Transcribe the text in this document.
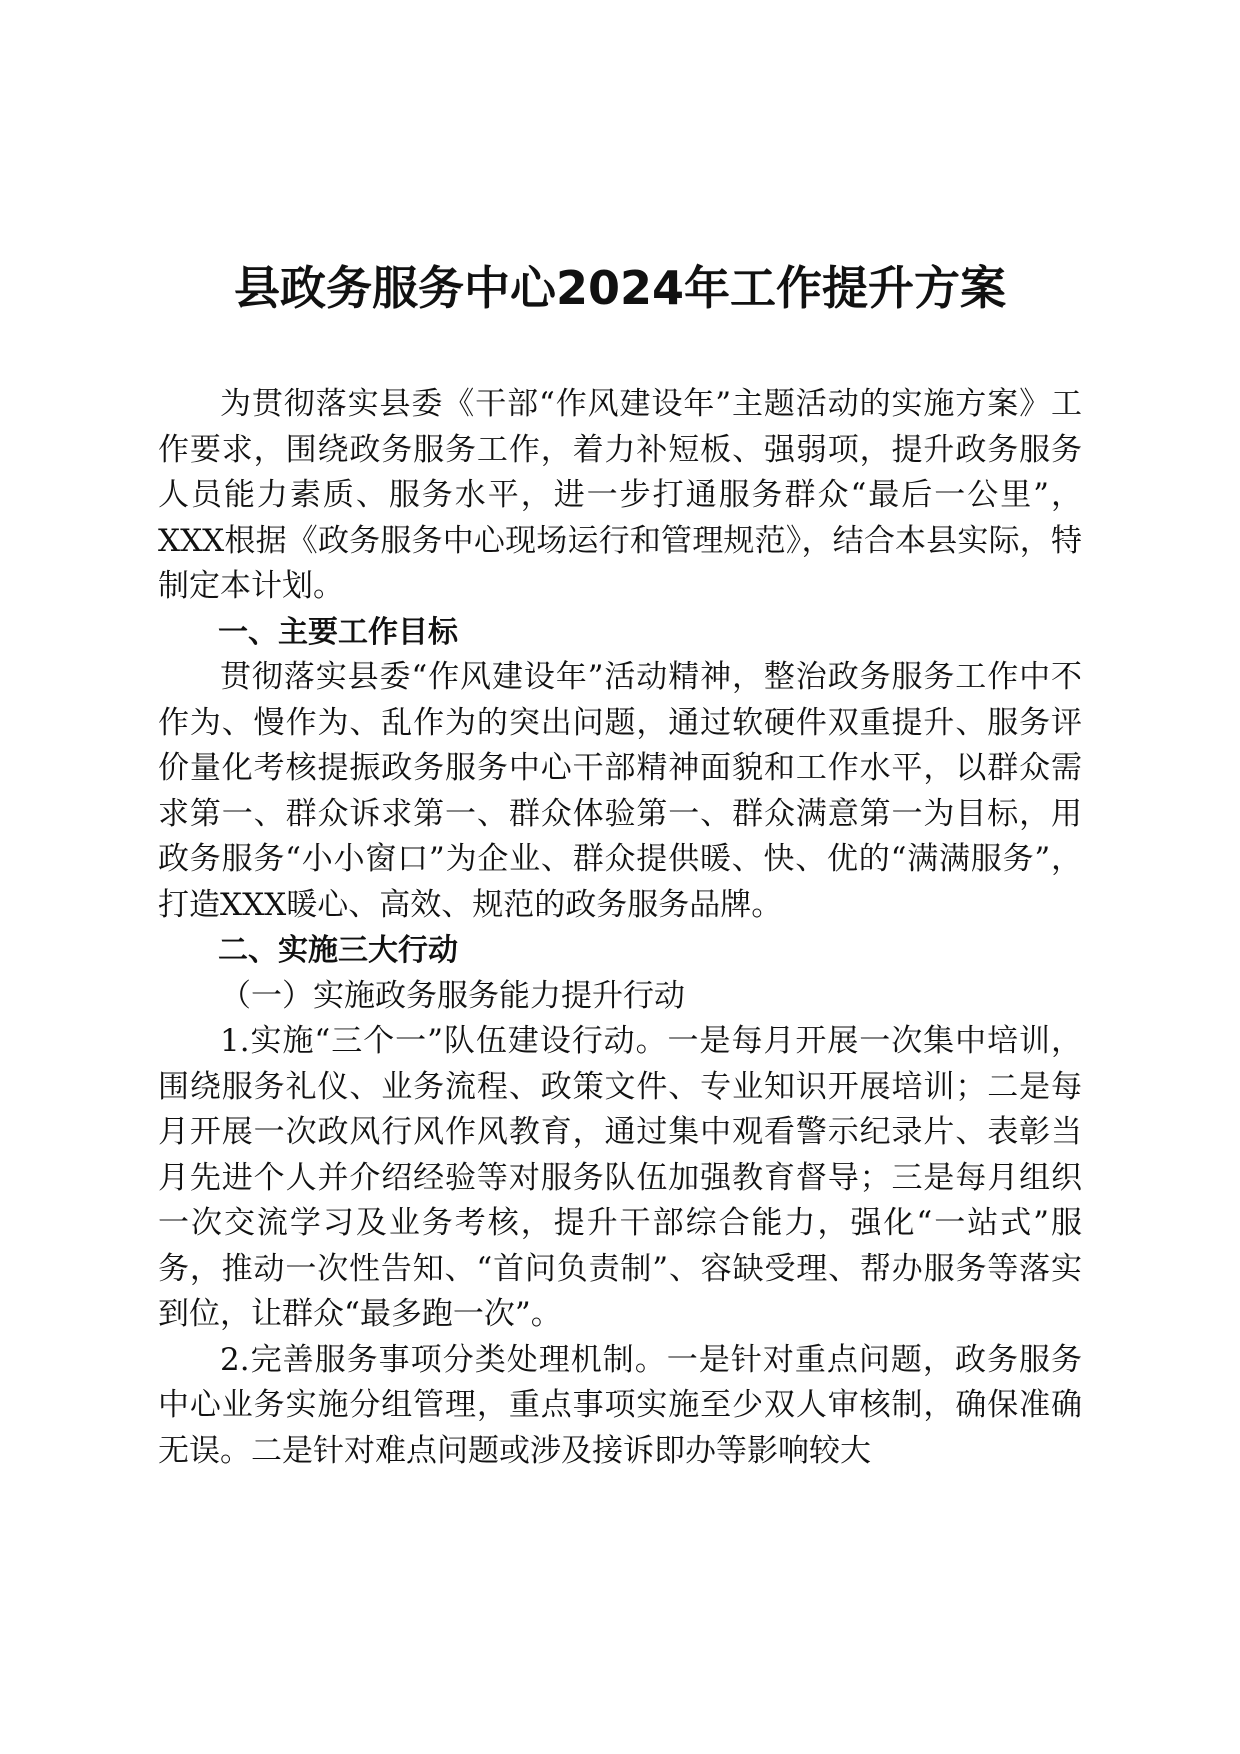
县政务服务中心2024年工作提升方案

为贯彻落实县委《干部“作风建设年”主题活动的实施方案》工作要求，围绕政务服务工作，着力补短板、强弱项，提升政务服务人员能力素质、服务水平，进一步打通服务群众“最后一公里”，XXX根据《政务服务中心现场运行和管理规范》，结合本县实际，特制定本计划。

一、主要工作目标

贯彻落实县委“作风建设年”活动精神，整治政务服务工作中不作为、慢作为、乱作为的突出问题，通过软硬件双重提升、服务评价量化考核提振政务服务中心干部精神面貌和工作水平，以群众需求第一、群众诉求第一、群众体验第一、群众满意第一为目标，用政务服务“小小窗口”为企业、群众提供暖、快、优的“满满服务”，打造XXX暖心、高效、规范的政务服务品牌。

二、实施三大行动
（一）实施政务服务能力提升行动

1.实施“三个一”队伍建设行动。一是每月开展一次集中培训，围绕服务礼仪、业务流程、政策文件、专业知识开展培训；二是每月开展一次政风行风作风教育，通过集中观看警示纪录片、表彰当月先进个人并介绍经验等对服务队伍加强教育督导；三是每月组织一次交流学习及业务考核，提升干部综合能力，强化“一站式”服务，推动一次性告知、“首问负责制”、容缺受理、帮办服务等落实到位，让群众“最多跑一次”。

2.完善服务事项分类处理机制。一是针对重点问题，政务服务中心业务实施分组管理，重点事项实施至少双人审核制，确保准确无误。二是针对难点问题或涉及接诉即办等影响较大
